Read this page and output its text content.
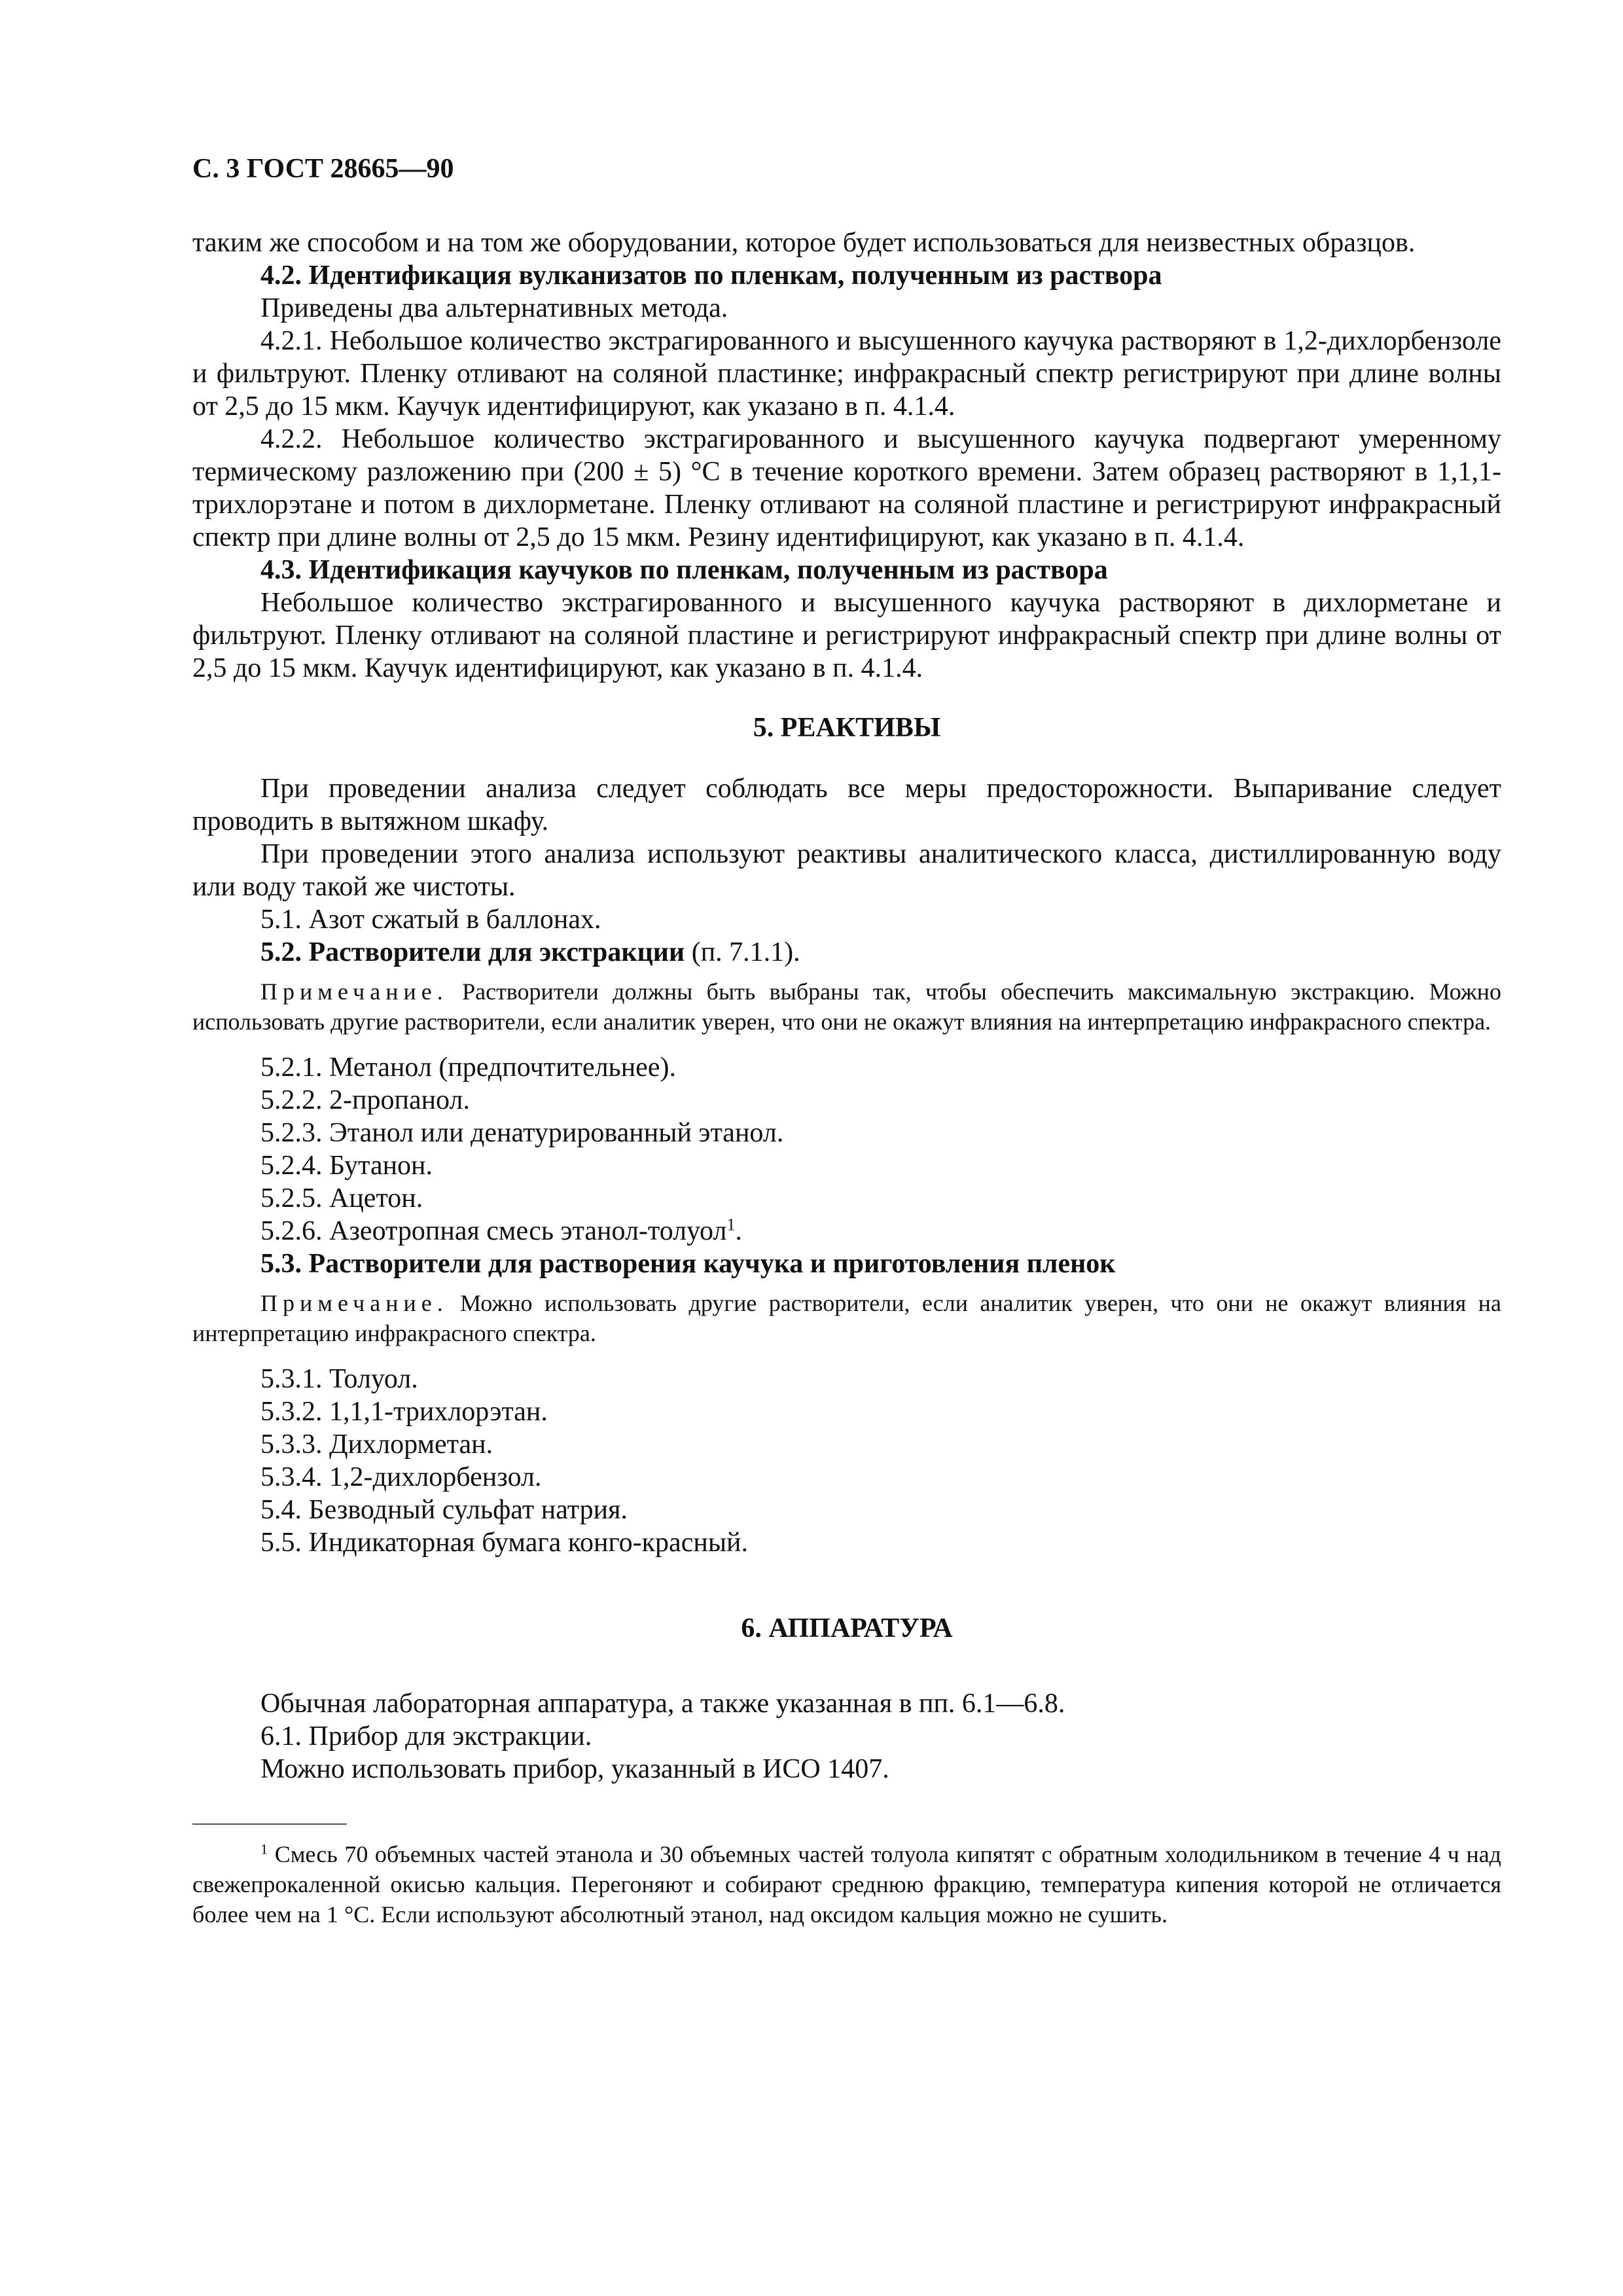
С. 3 ГОСТ 28665—90

таким же способом и на том же оборудовании, которое будет использоваться для неизвестных образцов.

4.2. Идентификация вулканизатов по пленкам, полученным из раствора

Приведены два альтернативных метода.

4.2.1. Небольшое количество экстрагированного и высушенного каучука растворяют в 1,2-дихлорбензоле и фильтруют. Пленку отливают на соляной пластинке; инфракрасный спектр регистрируют при длине волны от 2,5 до 15 мкм. Каучук идентифицируют, как указано в п. 4.1.4.

4.2.2. Небольшое количество экстрагированного и высушенного каучука подвергают умеренному термическому разложению при (200 ± 5) °С в течение короткого времени. Затем образец растворяют в 1,1,1-трихлорэтане и потом в дихлорметане. Пленку отливают на соляной пластине и регистрируют инфракрасный спектр при длине волны от 2,5 до 15 мкм. Резину идентифицируют, как указано в п. 4.1.4.

4.3. Идентификация каучуков по пленкам, полученным из раствора

Небольшое количество экстрагированного и высушенного каучука растворяют в дихлорметане и фильтруют. Пленку отливают на соляной пластине и регистрируют инфракрасный спектр при длине волны от 2,5 до 15 мкм. Каучук идентифицируют, как указано в п. 4.1.4.

5. РЕАКТИВЫ

При проведении анализа следует соблюдать все меры предосторожности. Выпаривание следует проводить в вытяжном шкафу.

При проведении этого анализа используют реактивы аналитического класса, дистиллированную воду или воду такой же чистоты.

5.1. Азот сжатый в баллонах.

5.2. Растворители для экстракции (п. 7.1.1).

Примечание. Растворители должны быть выбраны так, чтобы обеспечить максимальную экстракцию. Можно использовать другие растворители, если аналитик уверен, что они не окажут влияния на интерпретацию инфракрасного спектра.

5.2.1. Метанол (предпочтительнее).

5.2.2. 2-пропанол.

5.2.3. Этанол или денатурированный этанол.

5.2.4. Бутанон.

5.2.5. Ацетон.

5.2.6. Азеотропная смесь этанол-толуол$^1$.

5.3. Растворители для растворения каучука и приготовления пленок

Примечание. Можно использовать другие растворители, если аналитик уверен, что они не окажут влияния на интерпретацию инфракрасного спектра.

5.3.1. Толуол.

5.3.2. 1,1,1-трихлорэтан.

5.3.3. Дихлорметан.

5.3.4. 1,2-дихлорбензол.

5.4. Безводный сульфат натрия.

5.5. Индикаторная бумага конго-красный.

6. АППАРАТУРА

Обычная лабораторная аппаратура, а также указанная в пп. 6.1—6.8.

6.1. Прибор для экстракции.

Можно использовать прибор, указанный в ИСО 1407.

$^1$ Смесь 70 объемных частей этанола и 30 объемных частей толуола кипятят с обратным холодильником в течение 4 ч над свежепрокаленной окисью кальция. Перегоняют и собирают среднюю фракцию, температура кипения которой не отличается более чем на 1 °С. Если используют абсолютный этанол, над оксидом кальция можно не сушить.
